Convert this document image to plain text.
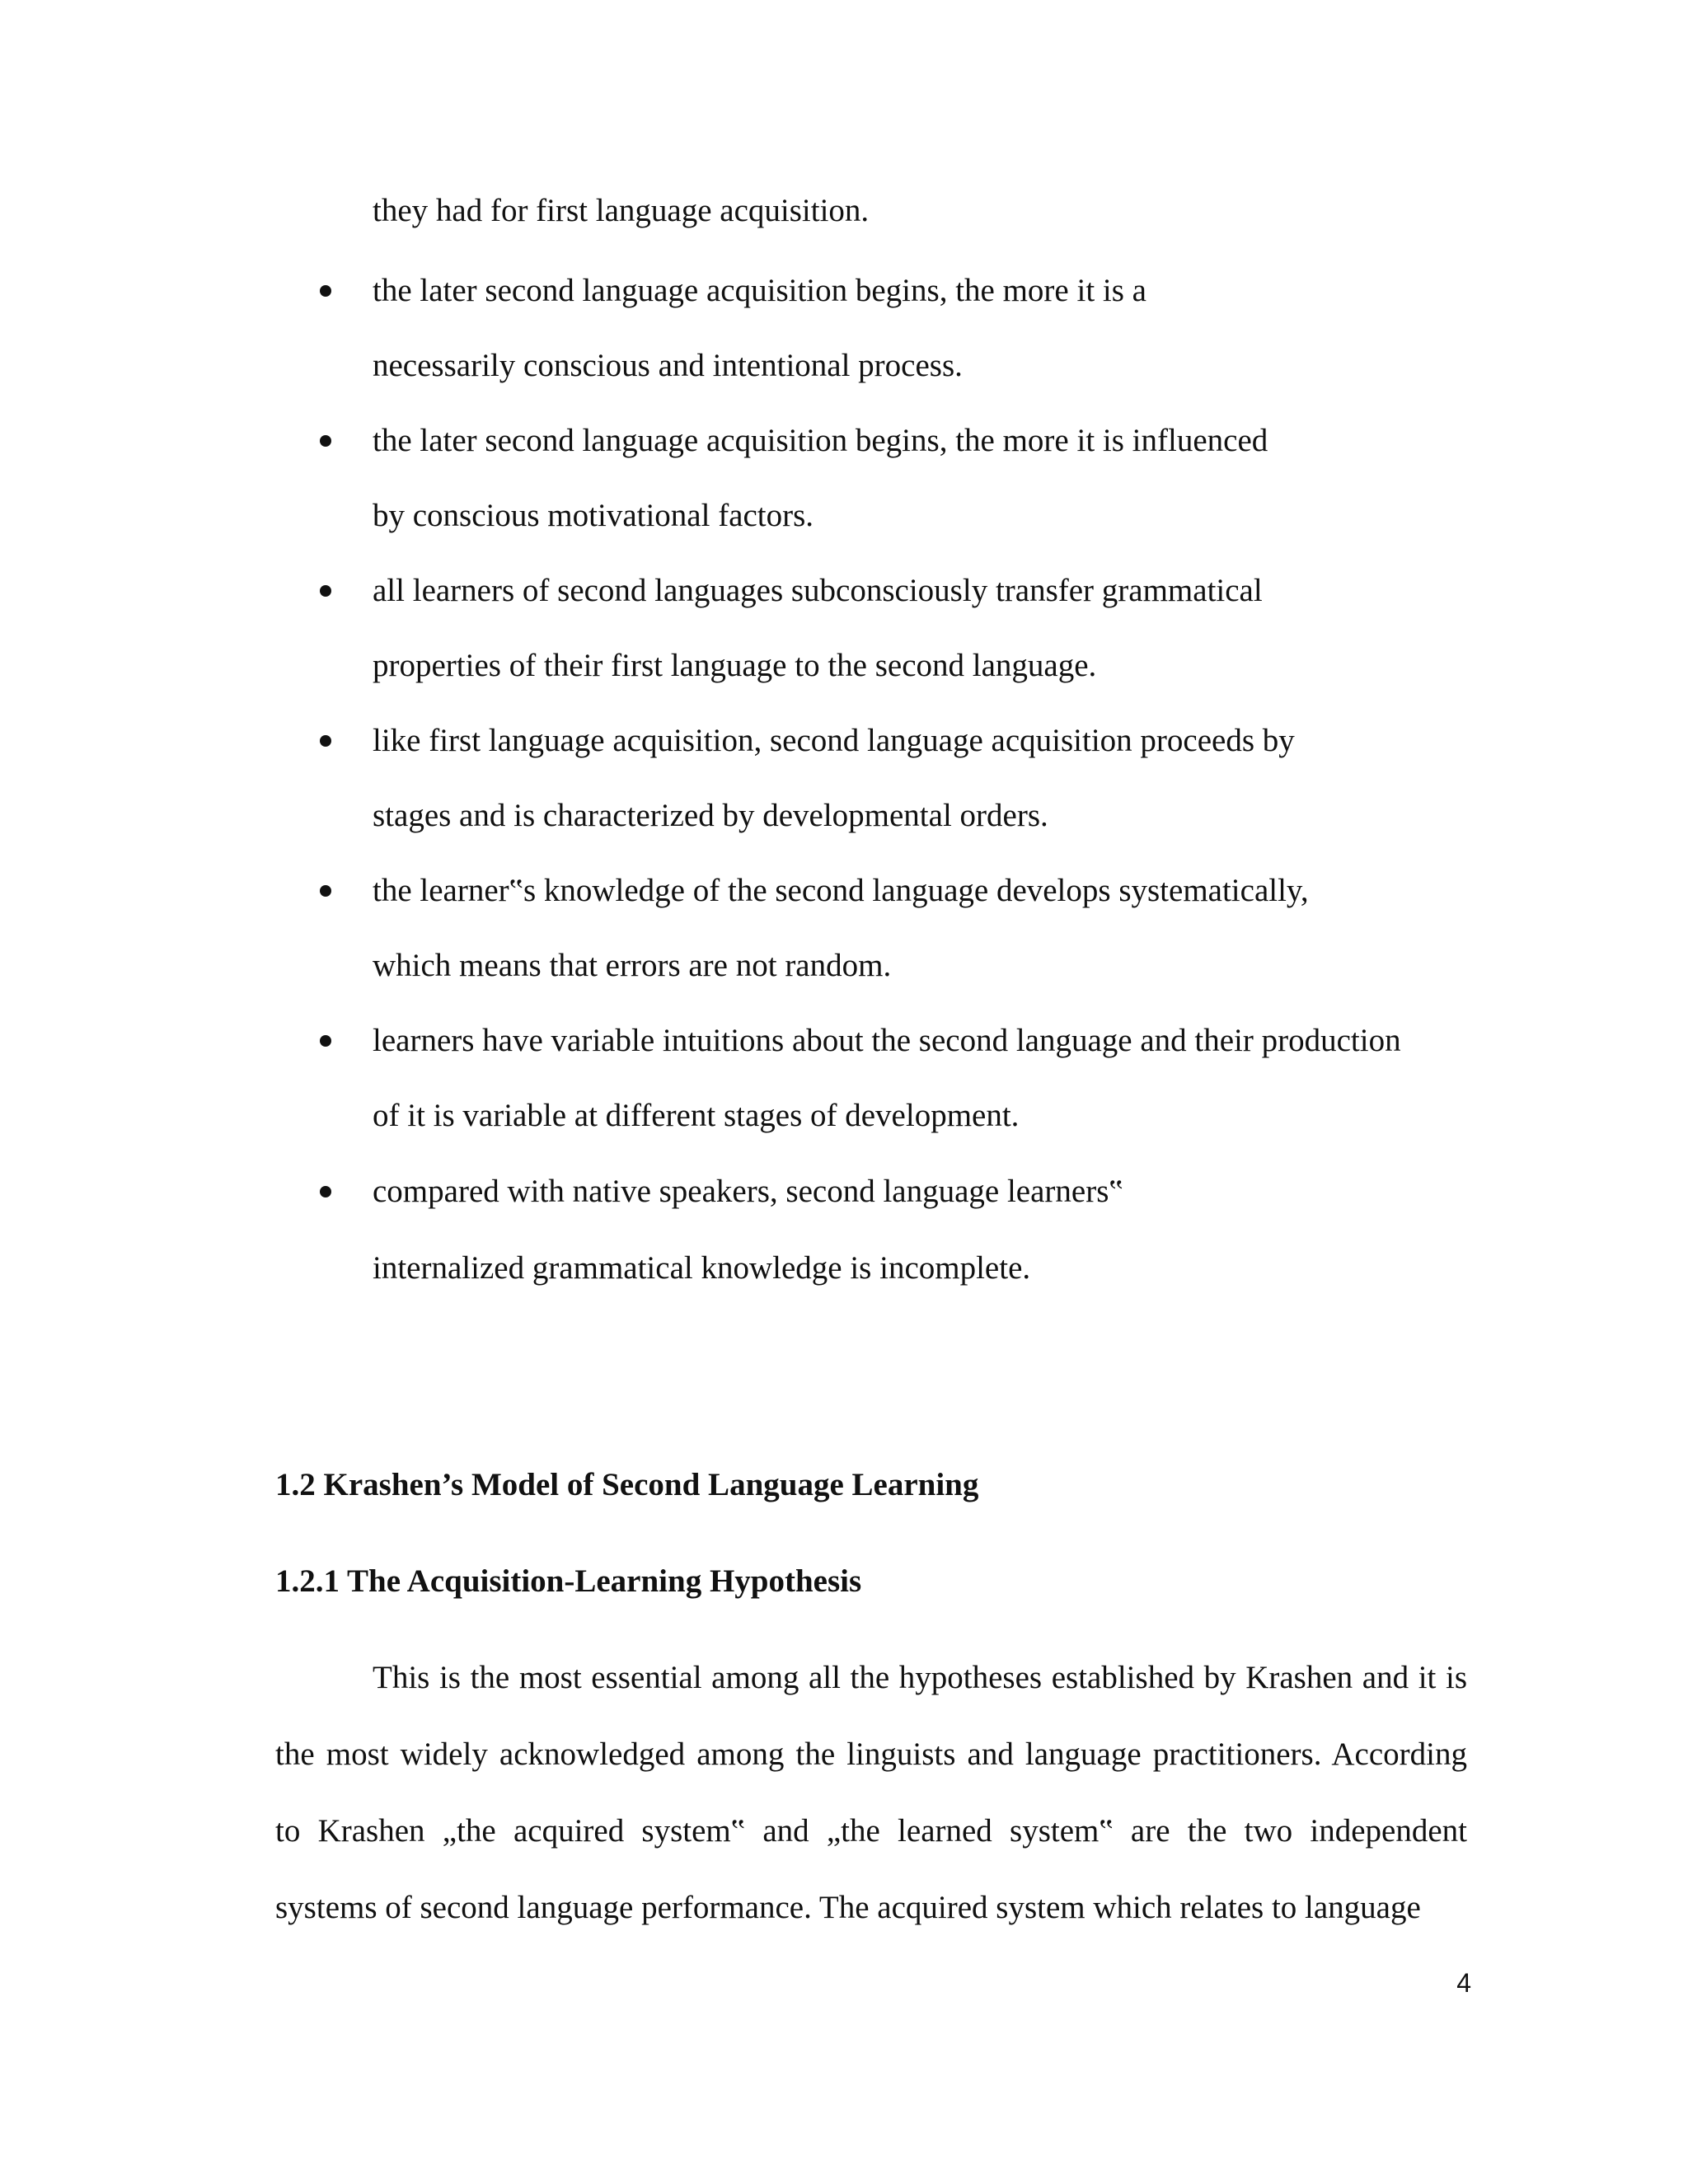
they had for first language acquisition.
the later second language acquisition begins, the more it is a
necessarily conscious and intentional process.
the later second language acquisition begins, the more it is influenced
by conscious motivational factors.
all learners of second languages subconsciously transfer grammatical
properties of their first language to the second language.
like first language acquisition, second language acquisition proceeds by
stages and is characterized by developmental orders.
the learner‟s knowledge of the second language develops systematically,
which means that errors are not random.
learners have variable intuitions about the second language and their production
of it is variable at different stages of development.
compared with native speakers, second language learners‟
internalized grammatical knowledge is incomplete.
1.2 Krashen’s Model of Second Language Learning
1.2.1 The Acquisition-Learning Hypothesis
This is the most essential among all the hypotheses established by Krashen and it is
the most widely acknowledged among the linguists and language practitioners. According
to Krashen „the acquired system‟ and „the learned system‟ are the two independent
systems of second language performance. The acquired system which relates to language
4
